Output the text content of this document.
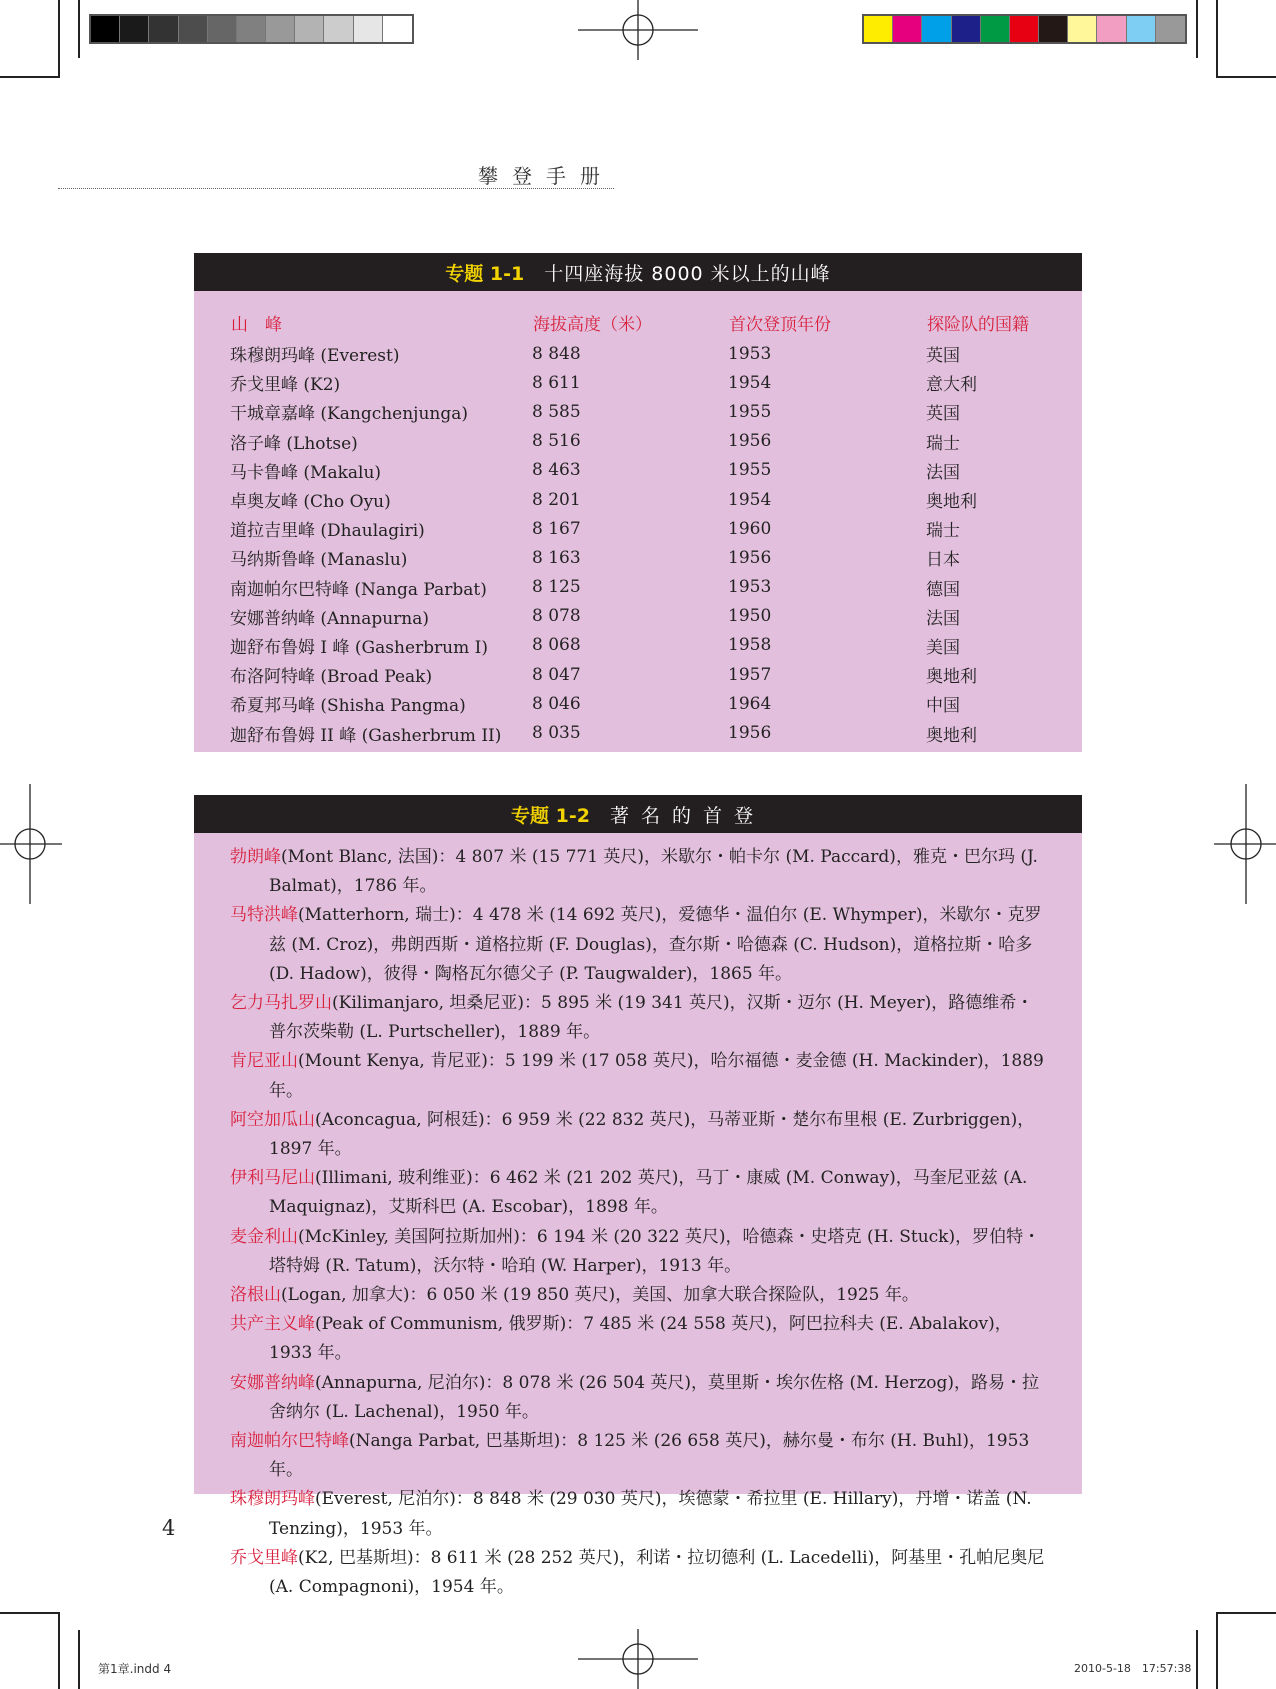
攀登手册
专题 1-1 十四座海拔 8000 米以上的山峰
山　峰	海拔高度（米）	首次登顶年份	探险队的国籍
珠穆朗玛峰 (Everest)	8 848	1953	英国
乔戈里峰 (K2)	8 611	1954	意大利
干城章嘉峰 (Kangchenjunga)	8 585	1955	英国
洛子峰 (Lhotse)	8 516	1956	瑞士
马卡鲁峰 (Makalu)	8 463	1955	法国
卓奥友峰 (Cho Oyu)	8 201	1954	奥地利
道拉吉里峰 (Dhaulagiri)	8 167	1960	瑞士
马纳斯鲁峰 (Manaslu)	8 163	1956	日本
南迦帕尔巴特峰 (Nanga Parbat)	8 125	1953	德国
安娜普纳峰 (Annapurna)	8 078	1950	法国
迦舒布鲁姆 I 峰 (Gasherbrum I)	8 068	1958	美国
布洛阿特峰 (Broad Peak)	8 047	1957	奥地利
希夏邦马峰 (Shisha Pangma)	8 046	1964	中国
迦舒布鲁姆 II 峰 (Gasherbrum II)	8 035	1956	奥地利
专题 1-2 著名的首登

勃朗峰(Mont Blanc, 法国)：4 807 米 (15 771 英尺)，米歇尔・帕卡尔 (M. Paccard)，雅克・巴尔玛 (J. Balmat)，1786 年。

马特洪峰(Matterhorn, 瑞士)：4 478 米 (14 692 英尺)，爱德华・温伯尔 (E. Whymper)，米歇尔・克罗兹 (M. Croz)，弗朗西斯・道格拉斯 (F. Douglas)，查尔斯・哈德森 (C. Hudson)，道格拉斯・哈多 (D. Hadow)，彼得・陶格瓦尔德父子 (P. Taugwalder)，1865 年。

乞力马扎罗山(Kilimanjaro, 坦桑尼亚)：5 895 米 (19 341 英尺)，汉斯・迈尔 (H. Meyer)，路德维希・普尔茨柴勒 (L. Purtscheller)，1889 年。

肯尼亚山(Mount Kenya, 肯尼亚)：5 199 米 (17 058 英尺)，哈尔福德・麦金德 (H. Mackinder)，1889 年。

阿空加瓜山(Aconcagua, 阿根廷)：6 959 米 (22 832 英尺)，马蒂亚斯・楚尔布里根 (E. Zurbriggen)，1897 年。

伊利马尼山(Illimani, 玻利维亚)：6 462 米 (21 202 英尺)，马丁・康威 (M. Conway)，马奎尼亚兹 (A. Maquignaz)，艾斯科巴 (A. Escobar)，1898 年。

麦金利山(McKinley, 美国阿拉斯加州)：6 194 米 (20 322 英尺)，哈德森・史塔克 (H. Stuck)，罗伯特・塔特姆 (R. Tatum)，沃尔特・哈珀 (W. Harper)，1913 年。

洛根山(Logan, 加拿大)：6 050 米 (19 850 英尺)，美国、加拿大联合探险队，1925 年。

共产主义峰(Peak of Communism, 俄罗斯)：7 485 米 (24 558 英尺)，阿巴拉科夫 (E. Abalakov)，1933 年。

安娜普纳峰(Annapurna, 尼泊尔)：8 078 米 (26 504 英尺)，莫里斯・埃尔佐格 (M. Herzog)，路易・拉舍纳尔 (L. Lachenal)，1950 年。

南迦帕尔巴特峰(Nanga Parbat, 巴基斯坦)：8 125 米 (26 658 英尺)，赫尔曼・布尔 (H. Buhl)，1953 年。

珠穆朗玛峰(Everest, 尼泊尔)：8 848 米 (29 030 英尺)，埃德蒙・希拉里 (E. Hillary)，丹增・诺盖 (N. Tenzing)，1953 年。

乔戈里峰(K2, 巴基斯坦)：8 611 米 (28 252 英尺)，利诺・拉切德利 (L. Lacedelli)，阿基里・孔帕尼奥尼 (A. Compagnoni)，1954 年。

4
第1章.indd 4	2010-5-18　17:57:38
